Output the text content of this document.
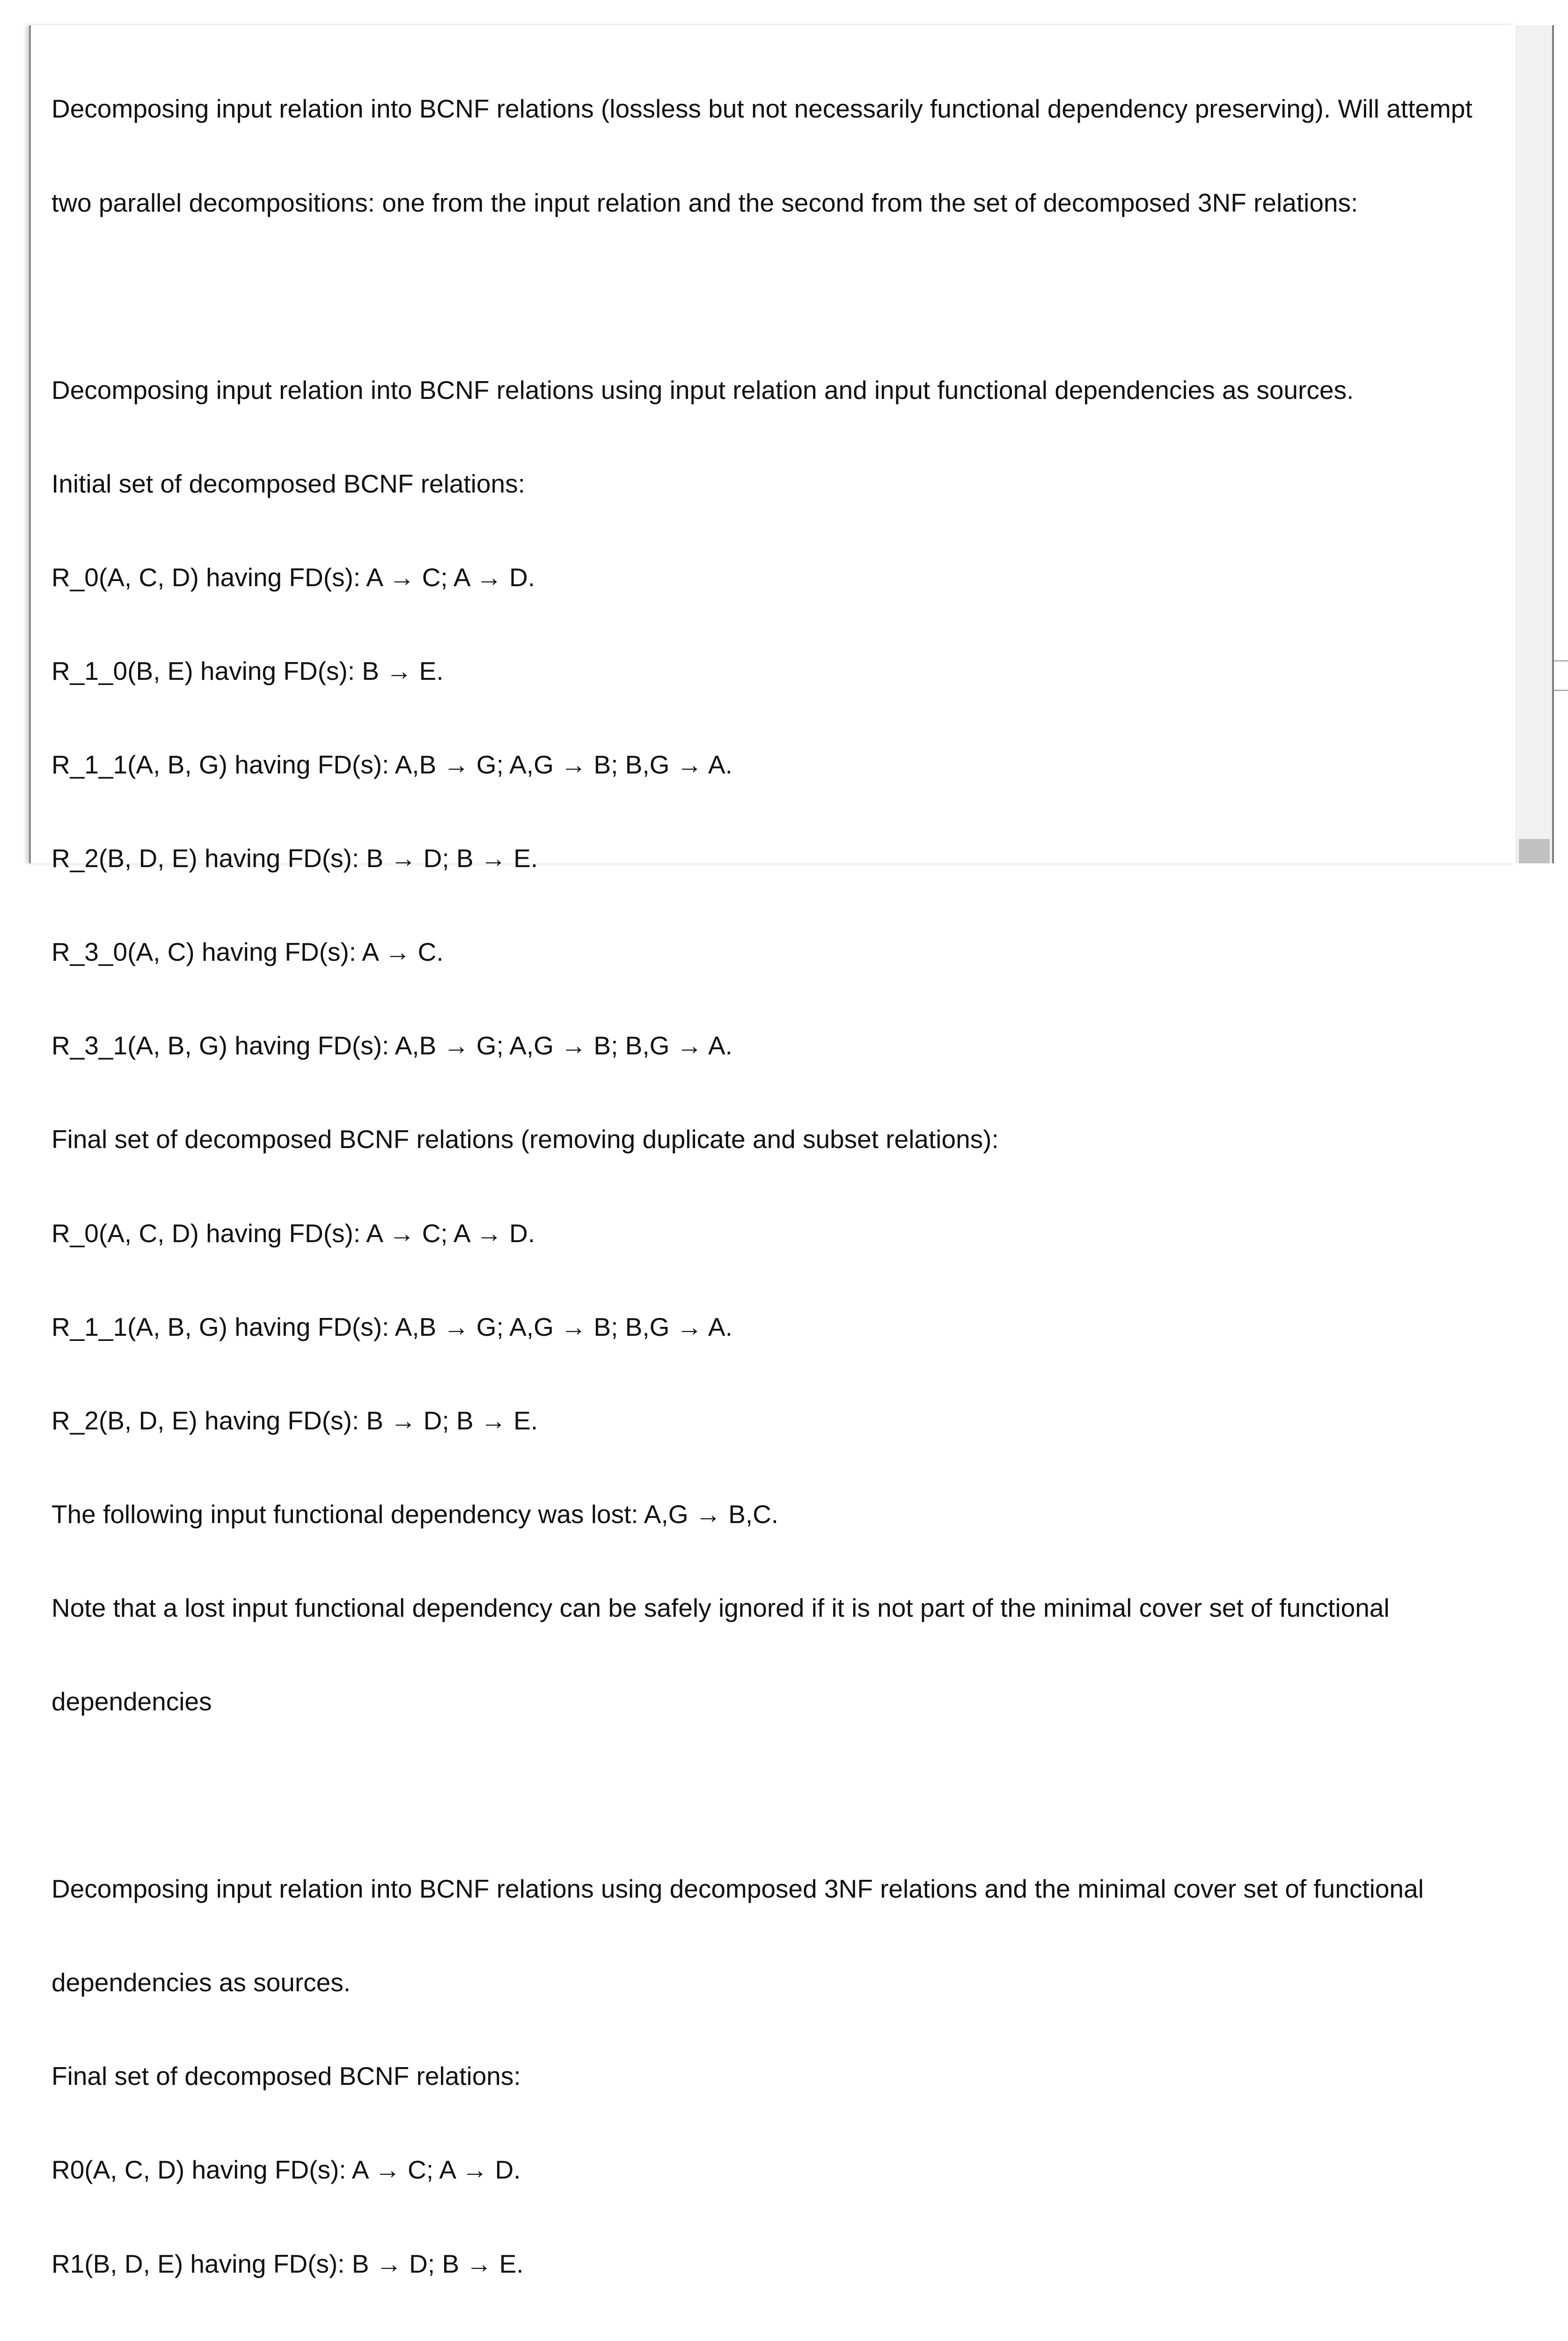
Decomposing input relation into BCNF relations (lossless but not necessarily functional dependency preserving). Will attempt

two parallel decompositions: one from the input relation and the second from the set of decomposed 3NF relations:

Decomposing input relation into BCNF relations using input relation and input functional dependencies as sources.

Initial set of decomposed BCNF relations:

R_0(A, C, D) having FD(s): A → C; A → D.

R_1_0(B, E) having FD(s): B → E.

R_1_1(A, B, G) having FD(s): A,B → G; A,G → B; B,G → A.

R_2(B, D, E) having FD(s): B → D; B → E.

R_3_0(A, C) having FD(s): A → C.

R_3_1(A, B, G) having FD(s): A,B → G; A,G → B; B,G → A.

Final set of decomposed BCNF relations (removing duplicate and subset relations):

R_0(A, C, D) having FD(s): A → C; A → D.

R_1_1(A, B, G) having FD(s): A,B → G; A,G → B; B,G → A.

R_2(B, D, E) having FD(s): B → D; B → E.

The following input functional dependency was lost: A,G → B,C.

Note that a lost input functional dependency can be safely ignored if it is not part of the minimal cover set of functional

dependencies

Decomposing input relation into BCNF relations using decomposed 3NF relations and the minimal cover set of functional

dependencies as sources.

Final set of decomposed BCNF relations:

R0(A, C, D) having FD(s): A → C; A → D.

R1(B, D, E) having FD(s): B → D; B → E.
